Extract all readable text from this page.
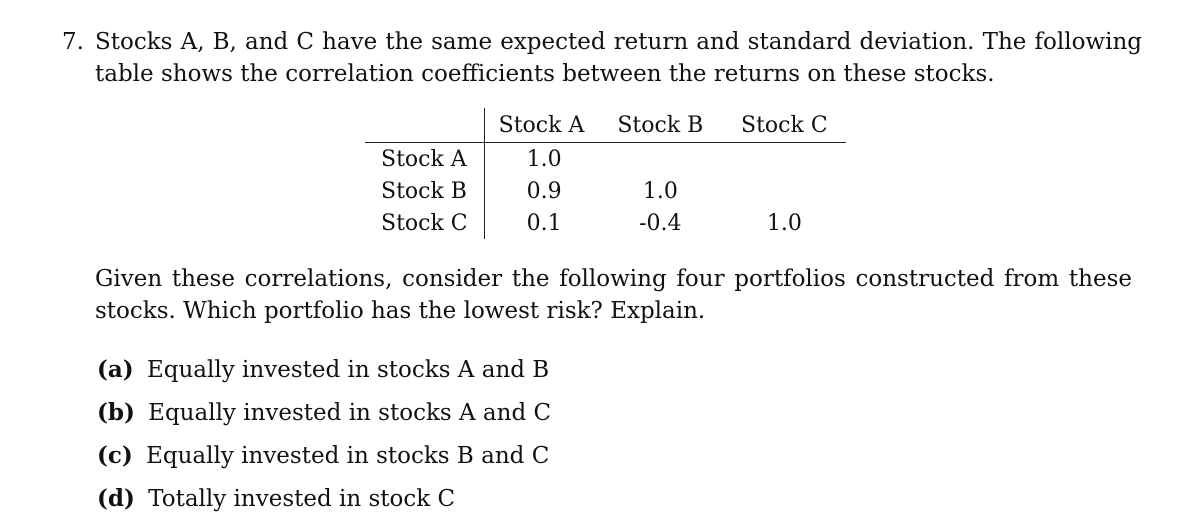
7. Stocks A, B, and C have the same expected return and standard deviation. The following table shows the correlation coefficients between the returns on these stocks.
	Stock A	Stock B	Stock C
Stock A	1.0		
Stock B	0.9	1.0	
Stock C	0.1	-0.4	1.0
Given these correlations, consider the following four portfolios constructed from these stocks. Which portfolio has the lowest risk? Explain.
(a) Equally invested in stocks A and B
(b) Equally invested in stocks A and C
(c) Equally invested in stocks B and C
(d) Totally invested in stock C
